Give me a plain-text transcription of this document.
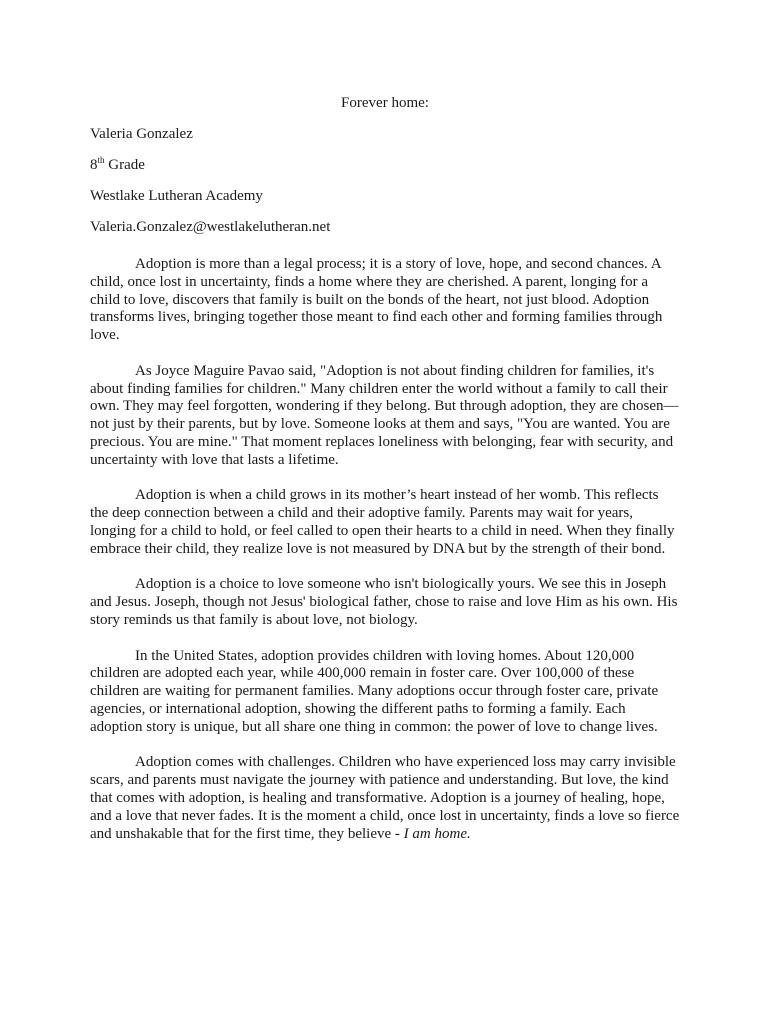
Forever home:
Valeria Gonzalez
8th Grade
Westlake Lutheran Academy
Valeria.Gonzalez@westlakelutheran.net

Adoption is more than a legal process; it is a story of love, hope, and second chances. A child, once lost in uncertainty, finds a home where they are cherished. A parent, longing for a child to love, discovers that family is built on the bonds of the heart, not just blood. Adoption transforms lives, bringing together those meant to find each other and forming families through love.

As Joyce Maguire Pavao said, "Adoption is not about finding children for families, it's about finding families for children." Many children enter the world without a family to call their own. They may feel forgotten, wondering if they belong. But through adoption, they are chosen—not just by their parents, but by love. Someone looks at them and says, "You are wanted. You are precious. You are mine." That moment replaces loneliness with belonging, fear with security, and uncertainty with love that lasts a lifetime.

Adoption is when a child grows in its mother’s heart instead of her womb. This reflects the deep connection between a child and their adoptive family. Parents may wait for years, longing for a child to hold, or feel called to open their hearts to a child in need. When they finally embrace their child, they realize love is not measured by DNA but by the strength of their bond.

Adoption is a choice to love someone who isn't biologically yours. We see this in Joseph and Jesus. Joseph, though not Jesus' biological father, chose to raise and love Him as his own. His story reminds us that family is about love, not biology.

In the United States, adoption provides children with loving homes. About 120,000 children are adopted each year, while 400,000 remain in foster care. Over 100,000 of these children are waiting for permanent families. Many adoptions occur through foster care, private agencies, or international adoption, showing the different paths to forming a family. Each adoption story is unique, but all share one thing in common: the power of love to change lives.

Adoption comes with challenges. Children who have experienced loss may carry invisible scars, and parents must navigate the journey with patience and understanding. But love, the kind that comes with adoption, is healing and transformative. Adoption is a journey of healing, hope, and a love that never fades. It is the moment a child, once lost in uncertainty, finds a love so fierce and unshakable that for the first time, they believe - I am home.
